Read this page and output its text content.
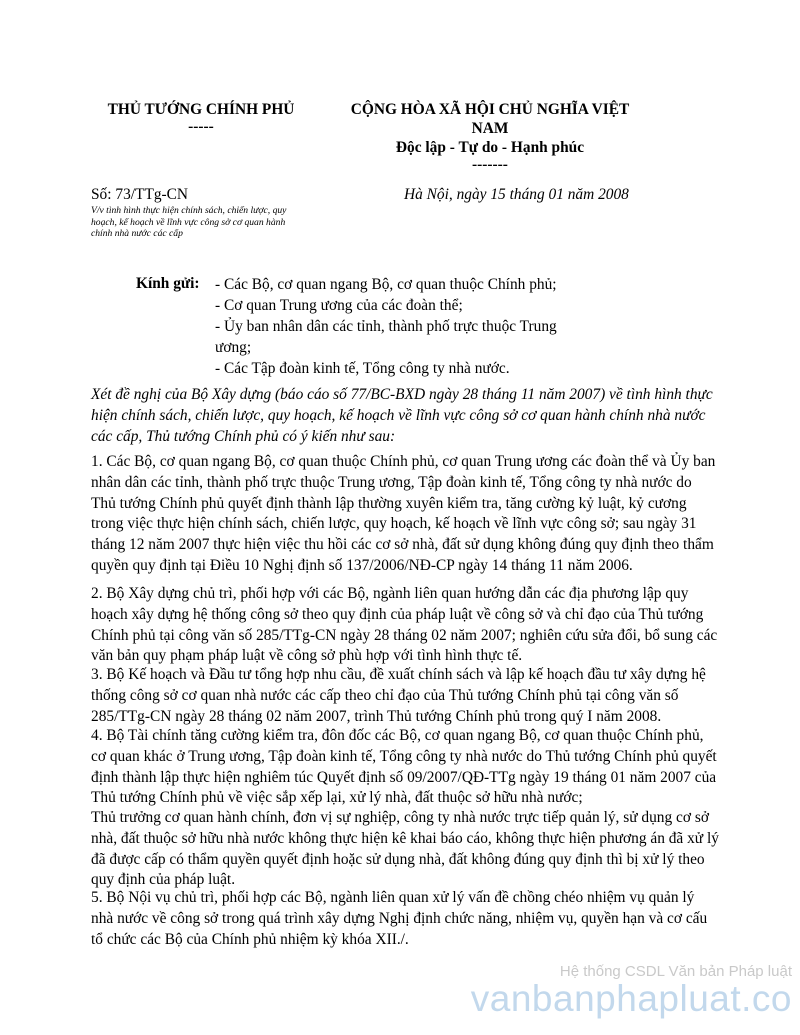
THỦ TƯỚNG CHÍNH PHỦ
-----
CỘNG HÒA XÃ HỘI CHỦ NGHĨA VIỆT
NAM
Độc lập - Tự do - Hạnh phúc
-------
Số: 73/TTg-CN
V/v tình hình thực hiện chính sách, chiến lược, quy
hoạch, kế hoạch về lĩnh vực công sở cơ quan hành
chính nhà nước các cấp
Hà Nội, ngày 15 tháng 01 năm 2008
Kính gửi: - Các Bộ, cơ quan ngang Bộ, cơ quan thuộc Chính phủ;
- Cơ quan Trung ương của các đoàn thể;
- Ủy ban nhân dân các tỉnh, thành phố trực thuộc Trung
ương;
- Các Tập đoàn kinh tế, Tổng công ty nhà nước.

Xét đề nghị của Bộ Xây dựng (báo cáo số 77/BC-BXD ngày 28 tháng 11 năm 2007) về tình hình thực hiện chính sách, chiến lược, quy hoạch, kế hoạch về lĩnh vực công sở cơ quan hành chính nhà nước các cấp, Thủ tướng Chính phủ có ý kiến như sau:

1. Các Bộ, cơ quan ngang Bộ, cơ quan thuộc Chính phủ, cơ quan Trung ương các đoàn thể và Ủy ban nhân dân các tỉnh, thành phố trực thuộc Trung ương, Tập đoàn kinh tế, Tổng công ty nhà nước do Thủ tướng Chính phủ quyết định thành lập thường xuyên kiểm tra, tăng cường kỷ luật, kỷ cương trong việc thực hiện chính sách, chiến lược, quy hoạch, kế hoạch về lĩnh vực công sở; sau ngày 31 tháng 12 năm 2007 thực hiện việc thu hồi các cơ sở nhà, đất sử dụng không đúng quy định theo thẩm quyền quy định tại Điều 10 Nghị định số 137/2006/NĐ-CP ngày 14 tháng 11 năm 2006.

2. Bộ Xây dựng chủ trì, phối hợp với các Bộ, ngành liên quan hướng dẫn các địa phương lập quy hoạch xây dựng hệ thống công sở theo quy định của pháp luật về công sở và chỉ đạo của Thủ tướng Chính phủ tại công văn số 285/TTg-CN ngày 28 tháng 02 năm 2007; nghiên cứu sửa đổi, bổ sung các văn bản quy phạm pháp luật về công sở phù hợp với tình hình thực tế.

3. Bộ Kế hoạch và Đầu tư tổng hợp nhu cầu, đề xuất chính sách và lập kế hoạch đầu tư xây dựng hệ thống công sở cơ quan nhà nước các cấp theo chỉ đạo của Thủ tướng Chính phủ tại công văn số 285/TTg-CN ngày 28 tháng 02 năm 2007, trình Thủ tướng Chính phủ trong quý I năm 2008.

4. Bộ Tài chính tăng cường kiểm tra, đôn đốc các Bộ, cơ quan ngang Bộ, cơ quan thuộc Chính phủ, cơ quan khác ở Trung ương, Tập đoàn kinh tế, Tổng công ty nhà nước do Thủ tướng Chính phủ quyết định thành lập thực hiện nghiêm túc Quyết định số 09/2007/QĐ-TTg ngày 19 tháng 01 năm 2007 của Thủ tướng Chính phủ về việc sắp xếp lại, xử lý nhà, đất thuộc sở hữu nhà nước;

Thủ trưởng cơ quan hành chính, đơn vị sự nghiệp, công ty nhà nước trực tiếp quản lý, sử dụng cơ sở nhà, đất thuộc sở hữu nhà nước không thực hiện kê khai báo cáo, không thực hiện phương án đã xử lý đã được cấp có thẩm quyền quyết định hoặc sử dụng nhà, đất không đúng quy định thì bị xử lý theo quy định của pháp luật.

5. Bộ Nội vụ chủ trì, phối hợp các Bộ, ngành liên quan xử lý vấn đề chồng chéo nhiệm vụ quản lý nhà nước về công sở trong quá trình xây dựng Nghị định chức năng, nhiệm vụ, quyền hạn và cơ cấu tổ chức các Bộ của Chính phủ nhiệm kỳ khóa XII./.

Hệ thống CSDL Văn bản Pháp luật
vanbanphapluat.co
